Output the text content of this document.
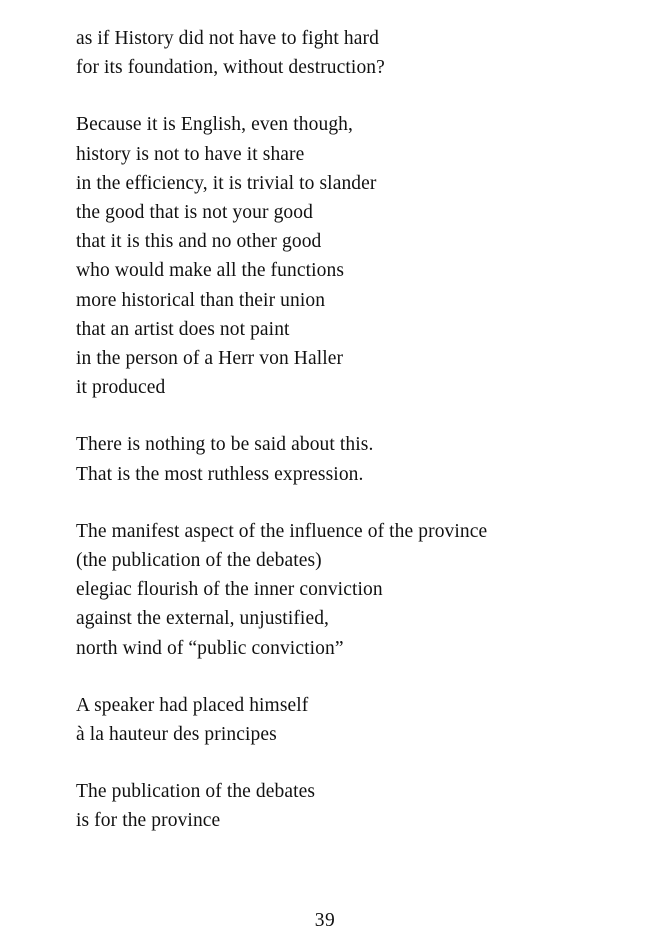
as if History did not have to fight hard
for its foundation, without destruction?
Because it is English, even though,
history is not to have it share
in the efficiency, it is trivial to slander
the good that is not your good
that it is this and no other good
who would make all the functions
more historical than their union
that an artist does not paint
in the person of a Herr von Haller
it produced
There is nothing to be said about this.
That is the most ruthless expression.
The manifest aspect of the influence of the province
(the publication of the debates)
elegiac flourish of the inner conviction
against the external, unjustified,
north wind of “public conviction”
A speaker had placed himself
à la hauteur des principes
The publication of the debates
is for the province
39
